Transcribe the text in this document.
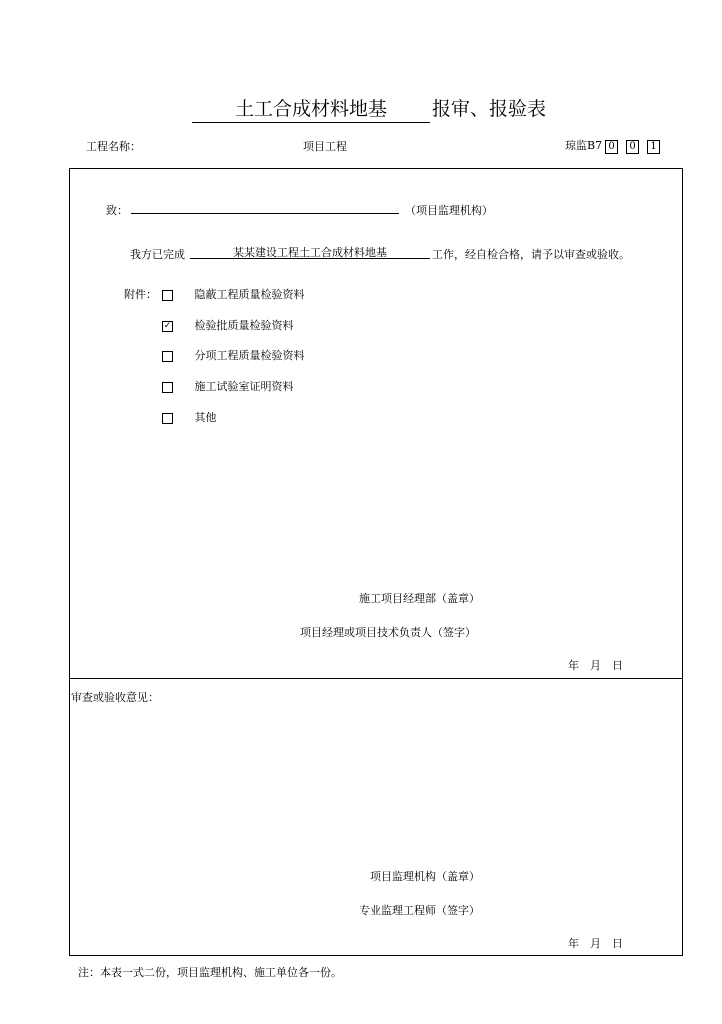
土工合成材料地基	报审、报验表
工程名称：	项目工程	琼监B7 0 0 1
致：	（项目监理机构）
我方已完成	某某建设工程土工合成材料地基	工作，经自检合格，请予以审查或验收。
附件：	隐蔽工程质量检验资料
✓ 检验批质量检验资料
分项工程质量检验资料
施工试验室证明资料
其他
施工项目经理部（盖章）
项目经理或项目技术负责人（签字）
年　月　日
审查或验收意见：
项目监理机构（盖章）
专业监理工程师（签字）
年　月　日
注：本表一式二份，项目监理机构、施工单位各一份。
